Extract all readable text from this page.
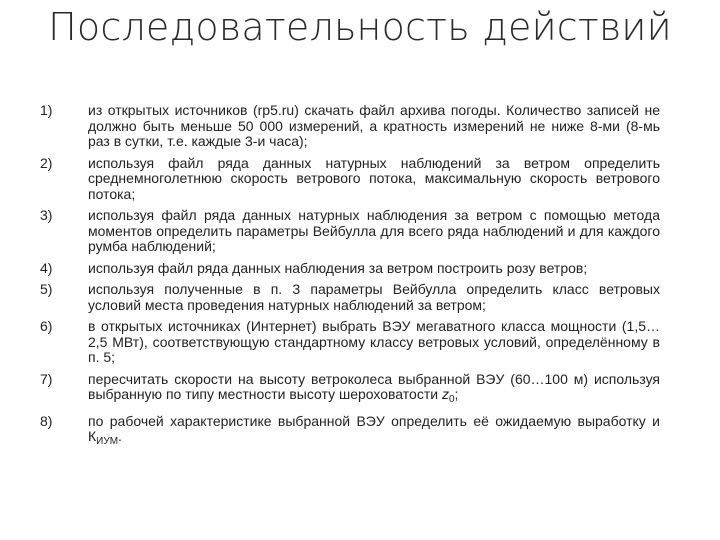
Последовательность действий
1)	из открытых источников (rp5.ru) скачать файл архива погоды. Количество записей не должно быть меньше 50 000 измерений, а кратность измерений не ниже 8-ми (8-мь раз в сутки, т.е. каждые 3-и часа);
2)	используя файл ряда данных натурных наблюдений за ветром определить среднемноголетнюю скорость ветрового потока, максимальную скорость ветрового потока;
3)	используя файл ряда данных натурных наблюдения за ветром с помощью метода моментов определить параметры Вейбулла для всего ряда наблюдений и для каждого румба наблюдений;
4)	используя файл ряда данных наблюдения за ветром построить розу ветров;
5)	используя полученные в п. 3 параметры Вейбулла определить класс ветровых условий места проведения натурных наблюдений за ветром;
6)	в открытых источниках (Интернет) выбрать ВЭУ мегаватного класса мощности (1,5…2,5 МВт), соответствующую стандартному классу ветровых условий, определённому в п. 5;
7)	пересчитать скорости на высоту ветроколеса выбранной ВЭУ (60…100 м) используя выбранную по типу местности высоту шероховатости $z_0$;
8)	по рабочей характеристике выбранной ВЭУ определить её ожидаемую выработку и $К_{ИУМ}$.
